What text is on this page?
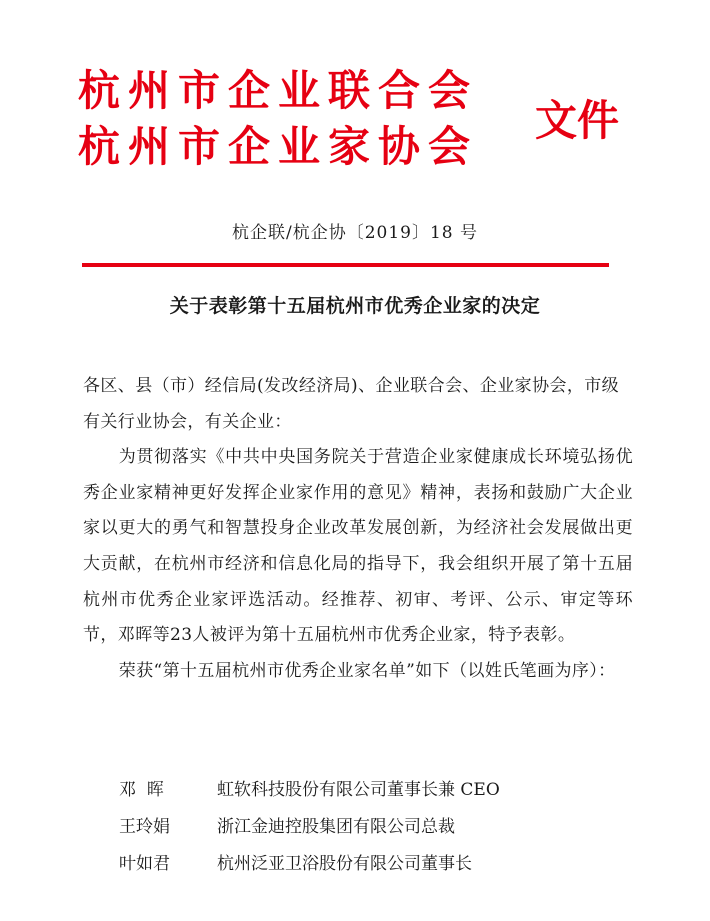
杭州市企业联合会
杭州市企业家协会
文件
杭企联/杭企协〔2019〕18 号
关于表彰第十五届杭州市优秀企业家的决定

各区、县（市）经信局(发改经济局)、企业联合会、企业家协会，市级有关行业协会，有关企业：

为贯彻落实《中共中央国务院关于营造企业家健康成长环境弘扬优秀企业家精神更好发挥企业家作用的意见》精神，表扬和鼓励广大企业家以更大的勇气和智慧投身企业改革发展创新，为经济社会发展做出更大贡献，在杭州市经济和信息化局的指导下，我会组织开展了第十五届杭州市优秀企业家评选活动。经推荐、初审、考评、公示、审定等环节，邓晖等23人被评为第十五届杭州市优秀企业家，特予表彰。

荣获“第十五届杭州市优秀企业家名单”如下（以姓氏笔画为序）：

邓  晖	虹软科技股份有限公司董事长兼 CEO
王玲娟	浙江金迪控股集团有限公司总裁
叶如君	杭州泛亚卫浴股份有限公司董事长
